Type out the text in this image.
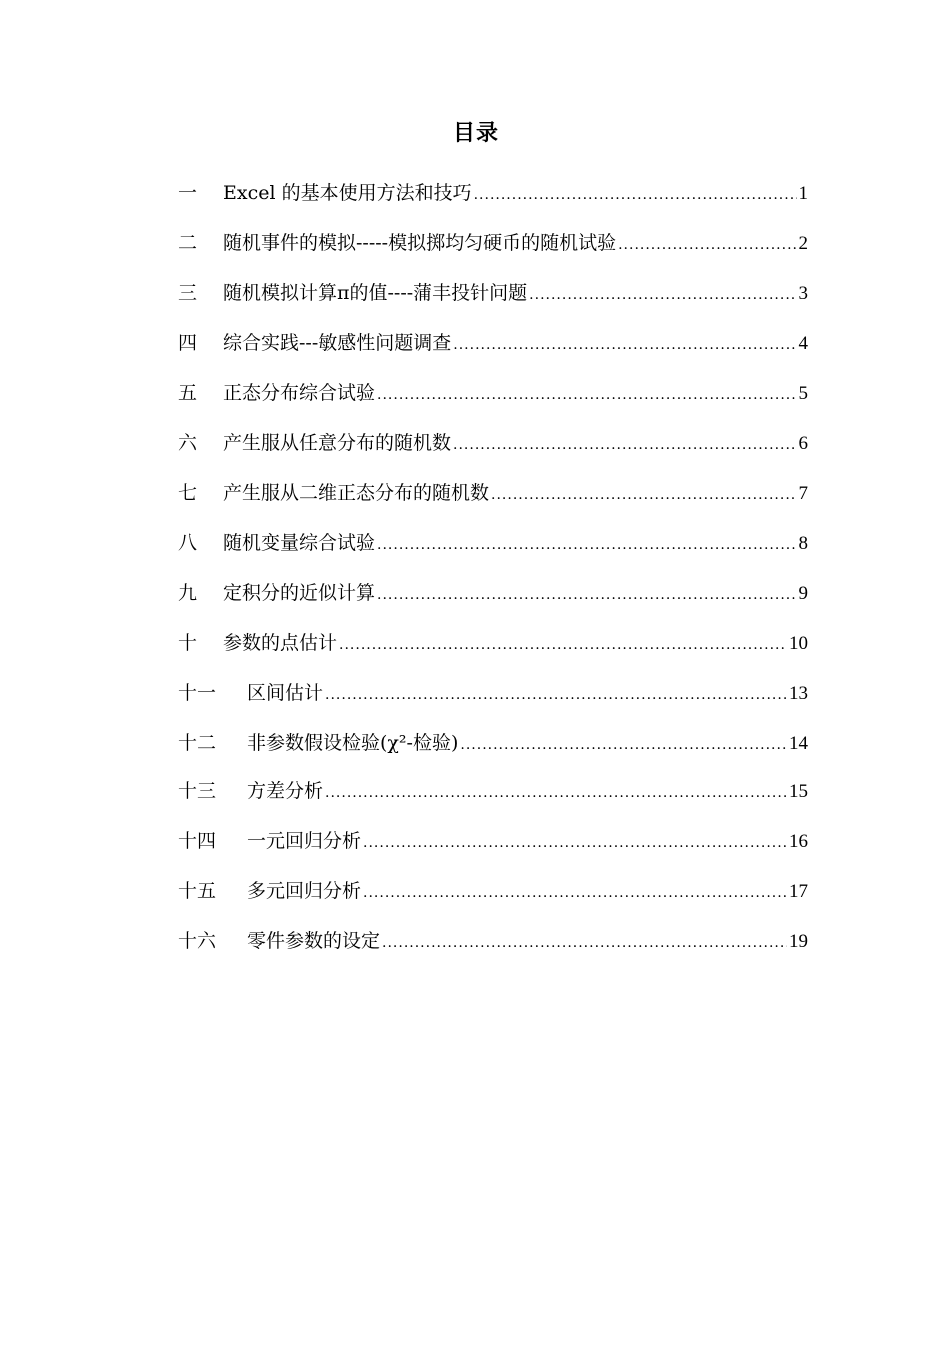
目录
一	Excel 的基本使用方法和技巧 .....	1
二	随机事件的模拟-----模拟掷均匀硬币的随机试验 .....	2
三	随机模拟计算π的值----蒲丰投针问题 .....	3
四	综合实践---敏感性问题调查 .....	4
五	正态分布综合试验 .....	5
六	产生服从任意分布的随机数 .....	6
七	产生服从二维正态分布的随机数 .....	7
八	随机变量综合试验 .....	8
九	定积分的近似计算 .....	9
十	参数的点估计 .....	10
十一	区间估计 .....	13
十二	非参数假设检验(χ²-检验) .....	14
十三	方差分析 .....	15
十四	一元回归分析 .....	16
十五	多元回归分析 .....	17
十六	零件参数的设定 .....	19
